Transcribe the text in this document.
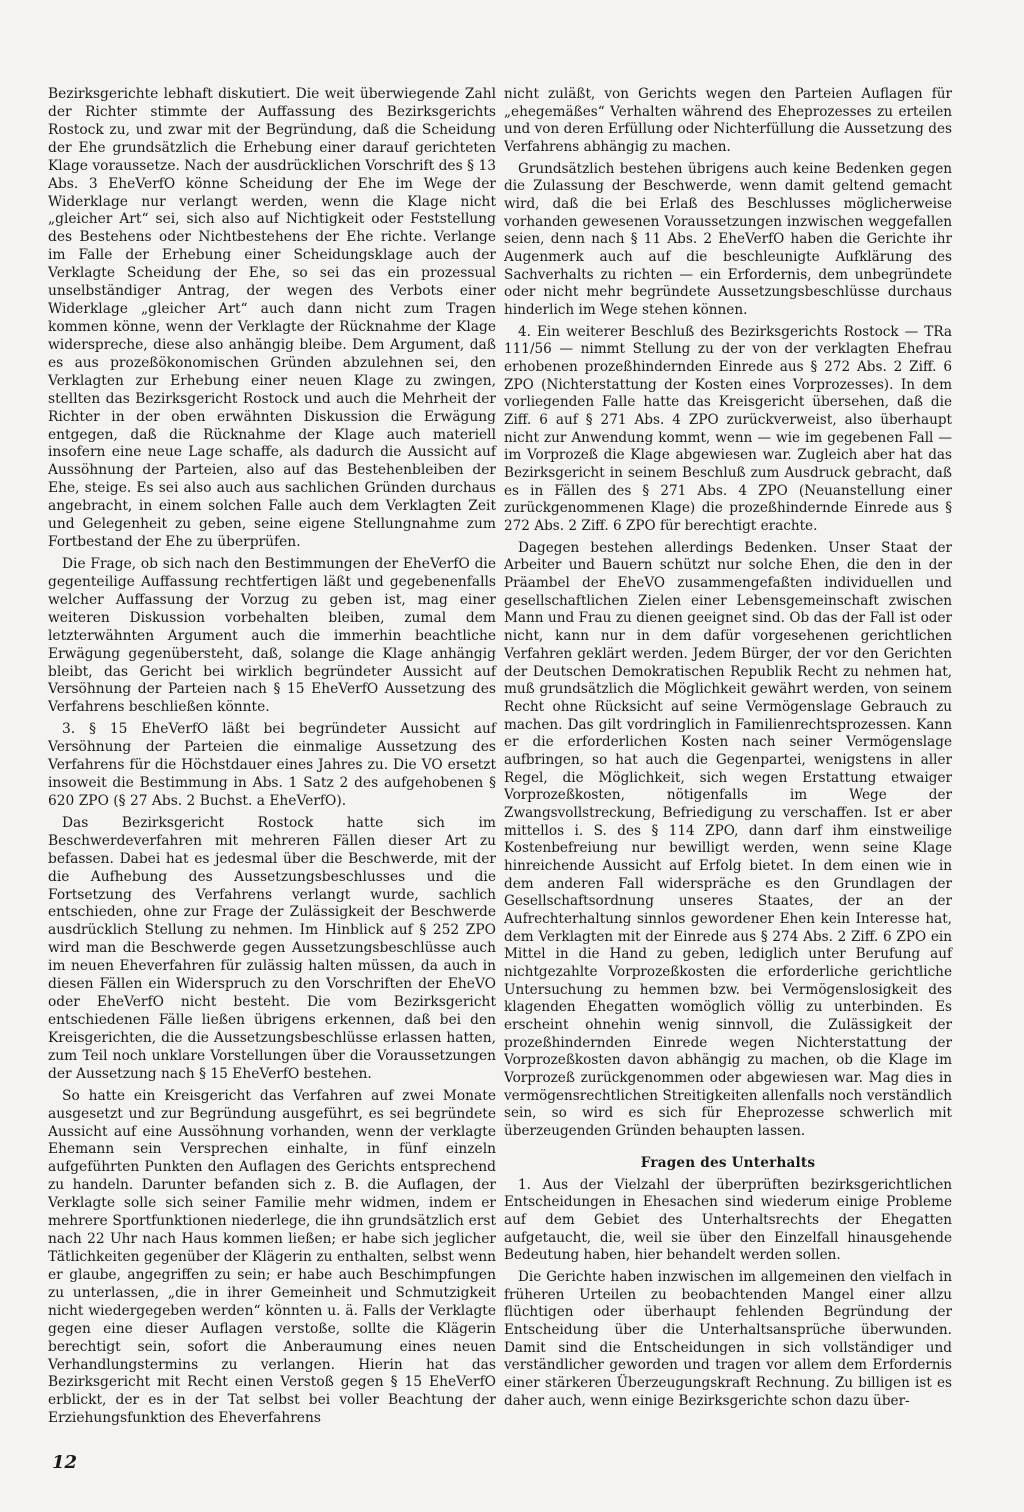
Bezirksgerichte lebhaft diskutiert. Die weit überwiegende Zahl der Richter stimmte der Auffassung des Bezirksgerichts Rostock zu, und zwar mit der Begründung, daß die Scheidung der Ehe grundsätzlich die Erhebung einer darauf gerichteten Klage voraussetze. Nach der ausdrücklichen Vorschrift des § 13 Abs. 3 EheVerfO könne Scheidung der Ehe im Wege der Widerklage nur verlangt werden, wenn die Klage nicht „gleicher Art“ sei, sich also auf Nichtigkeit oder Feststellung des Bestehens oder Nichtbestehens der Ehe richte. Verlange im Falle der Erhebung einer Scheidungsklage auch der Verklagte Scheidung der Ehe, so sei das ein prozessual unselbständiger Antrag, der wegen des Verbots einer Widerklage „gleicher Art“ auch dann nicht zum Tragen kommen könne, wenn der Verklagte der Rücknahme der Klage widerspreche, diese also anhängig bleibe. Dem Argument, daß es aus prozeßökonomischen Gründen abzulehnen sei, den Verklagten zur Erhebung einer neuen Klage zu zwingen, stellten das Bezirksgericht Rostock und auch die Mehrheit der Richter in der oben erwähnten Diskussion die Erwägung entgegen, daß die Rücknahme der Klage auch materiell insofern eine neue Lage schaffe, als dadurch die Aussicht auf Aussöhnung der Parteien, also auf das Bestehenbleiben der Ehe, steige. Es sei also auch aus sachlichen Gründen durchaus angebracht, in einem solchen Falle auch dem Verklagten Zeit und Gelegenheit zu geben, seine eigene Stellungnahme zum Fortbestand der Ehe zu überprüfen.

Die Frage, ob sich nach den Bestimmungen der EheVerfO die gegenteilige Auffassung rechtfertigen läßt und gegebenenfalls welcher Auffassung der Vorzug zu geben ist, mag einer weiteren Diskussion vorbehalten bleiben, zumal dem letzterwähnten Argument auch die immerhin beachtliche Erwägung gegenübersteht, daß, solange die Klage anhängig bleibt, das Gericht bei wirklich begründeter Aussicht auf Versöhnung der Parteien nach § 15 EheVerfO Aussetzung des Verfahrens beschließen könnte.

3. § 15 EheVerfO läßt bei begründeter Aussicht auf Versöhnung der Parteien die einmalige Aussetzung des Verfahrens für die Höchstdauer eines Jahres zu. Die VO ersetzt insoweit die Bestimmung in Abs. 1 Satz 2 des aufgehobenen § 620 ZPO (§ 27 Abs. 2 Buchst. a EheVerfO).

Das Bezirksgericht Rostock hatte sich im Beschwerdeverfahren mit mehreren Fällen dieser Art zu befassen. Dabei hat es jedesmal über die Beschwerde, mit der die Aufhebung des Aussetzungsbeschlusses und die Fortsetzung des Verfahrens verlangt wurde, sachlich entschieden, ohne zur Frage der Zulässigkeit der Beschwerde ausdrücklich Stellung zu nehmen. Im Hinblick auf § 252 ZPO wird man die Beschwerde gegen Aussetzungsbeschlüsse auch im neuen Eheverfahren für zulässig halten müssen, da auch in diesen Fällen ein Widerspruch zu den Vorschriften der EheVO oder EheVerfO nicht besteht. Die vom Bezirksgericht entschiedenen Fälle ließen übrigens erkennen, daß bei den Kreisgerichten, die die Aussetzungsbeschlüsse erlassen hatten, zum Teil noch unklare Vorstellungen über die Voraussetzungen der Aussetzung nach § 15 EheVerfO bestehen.

So hatte ein Kreisgericht das Verfahren auf zwei Monate ausgesetzt und zur Begründung ausgeführt, es sei begründete Aussicht auf eine Aussöhnung vorhanden, wenn der verklagte Ehemann sein Versprechen einhalte, in fünf einzeln aufgeführten Punkten den Auflagen des Gerichts entsprechend zu handeln. Darunter befanden sich z. B. die Auflagen, der Verklagte solle sich seiner Familie mehr widmen, indem er mehrere Sportfunktionen niederlege, die ihn grundsätzlich erst nach 22 Uhr nach Haus kommen ließen; er habe sich jeglicher Tätlichkeiten gegenüber der Klägerin zu enthalten, selbst wenn er glaube, angegriffen zu sein; er habe auch Beschimpfungen zu unterlassen, „die in ihrer Gemeinheit und Schmutzigkeit nicht wiedergegeben werden“ könnten u. ä. Falls der Verklagte gegen eine dieser Auflagen verstoße, sollte die Klägerin berechtigt sein, sofort die Anberaumung eines neuen Verhandlungstermins zu verlangen. Hierin hat das Bezirksgericht mit Recht einen Verstoß gegen § 15 EheVerfO erblickt, der es in der Tat selbst bei voller Beachtung der Erziehungsfunktion des Eheverfahrens

nicht zuläßt, von Gerichts wegen den Parteien Auflagen für „ehegemäßes“ Verhalten während des Eheprozesses zu erteilen und von deren Erfüllung oder Nichterfüllung die Aussetzung des Verfahrens abhängig zu machen.

Grundsätzlich bestehen übrigens auch keine Bedenken gegen die Zulassung der Beschwerde, wenn damit geltend gemacht wird, daß die bei Erlaß des Beschlusses möglicherweise vorhanden gewesenen Voraussetzungen inzwischen weggefallen seien, denn nach § 11 Abs. 2 EheVerfO haben die Gerichte ihr Augenmerk auch auf die beschleunigte Aufklärung des Sachverhalts zu richten — ein Erfordernis, dem unbegründete oder nicht mehr begründete Aussetzungsbeschlüsse durchaus hinderlich im Wege stehen können.

4. Ein weiterer Beschluß des Bezirksgerichts Rostock — TRa 111/56 — nimmt Stellung zu der von der verklagten Ehefrau erhobenen prozeßhindernden Einrede aus § 272 Abs. 2 Ziff. 6 ZPO (Nichterstattung der Kosten eines Vorprozesses). In dem vorliegenden Falle hatte das Kreisgericht übersehen, daß die Ziff. 6 auf § 271 Abs. 4 ZPO zurückverweist, also überhaupt nicht zur Anwendung kommt, wenn — wie im gegebenen Fall — im Vorprozeß die Klage abgewiesen war. Zugleich aber hat das Bezirksgericht in seinem Beschluß zum Ausdruck gebracht, daß es in Fällen des § 271 Abs. 4 ZPO (Neuanstellung einer zurückgenommenen Klage) die prozeßhindernde Einrede aus § 272 Abs. 2 Ziff. 6 ZPO für berechtigt erachte.

Dagegen bestehen allerdings Bedenken. Unser Staat der Arbeiter und Bauern schützt nur solche Ehen, die den in der Präambel der EheVO zusammengefaßten individuellen und gesellschaftlichen Zielen einer Lebensgemeinschaft zwischen Mann und Frau zu dienen geeignet sind. Ob das der Fall ist oder nicht, kann nur in dem dafür vorgesehenen gerichtlichen Verfahren geklärt werden. Jedem Bürger, der vor den Gerichten der Deutschen Demokratischen Republik Recht zu nehmen hat, muß grundsätzlich die Möglichkeit gewährt werden, von seinem Recht ohne Rücksicht auf seine Vermögenslage Gebrauch zu machen. Das gilt vordringlich in Familienrechtsprozessen. Kann er die erforderlichen Kosten nach seiner Vermögenslage aufbringen, so hat auch die Gegenpartei, wenigstens in aller Regel, die Möglichkeit, sich wegen Erstattung etwaiger Vorprozeßkosten, nötigenfalls im Wege der Zwangsvollstreckung, Befriedigung zu verschaffen. Ist er aber mittellos i. S. des § 114 ZPO, dann darf ihm einstweilige Kostenbefreiung nur bewilligt werden, wenn seine Klage hinreichende Aussicht auf Erfolg bietet. In dem einen wie in dem anderen Fall widerspräche es den Grundlagen der Gesellschaftsordnung unseres Staates, der an der Aufrechterhaltung sinnlos gewordener Ehen kein Interesse hat, dem Verklagten mit der Einrede aus § 274 Abs. 2 Ziff. 6 ZPO ein Mittel in die Hand zu geben, lediglich unter Berufung auf nichtgezahlte Vorprozeßkosten die erforderliche gerichtliche Untersuchung zu hemmen bzw. bei Vermögenslosigkeit des klagenden Ehegatten womöglich völlig zu unterbinden. Es erscheint ohnehin wenig sinnvoll, die Zulässigkeit der prozeßhindernden Einrede wegen Nichterstattung der Vorprozeßkosten davon abhängig zu machen, ob die Klage im Vorprozeß zurückgenommen oder abgewiesen war. Mag dies in vermögensrechtlichen Streitigkeiten allenfalls noch verständlich sein, so wird es sich für Eheprozesse schwerlich mit überzeugenden Gründen behaupten lassen.

Fragen des Unterhalts

1. Aus der Vielzahl der überprüften bezirksgerichtlichen Entscheidungen in Ehesachen sind wiederum einige Probleme auf dem Gebiet des Unterhaltsrechts der Ehegatten aufgetaucht, die, weil sie über den Einzelfall hinausgehende Bedeutung haben, hier behandelt werden sollen.

Die Gerichte haben inzwischen im allgemeinen den vielfach in früheren Urteilen zu beobachtenden Mangel einer allzu flüchtigen oder überhaupt fehlenden Begründung der Entscheidung über die Unterhaltsansprüche überwunden. Damit sind die Entscheidungen in sich vollständiger und verständlicher geworden und tragen vor allem dem Erfordernis einer stärkeren Überzeugungskraft Rechnung. Zu billigen ist es daher auch, wenn einige Bezirksgerichte schon dazu über-

12
